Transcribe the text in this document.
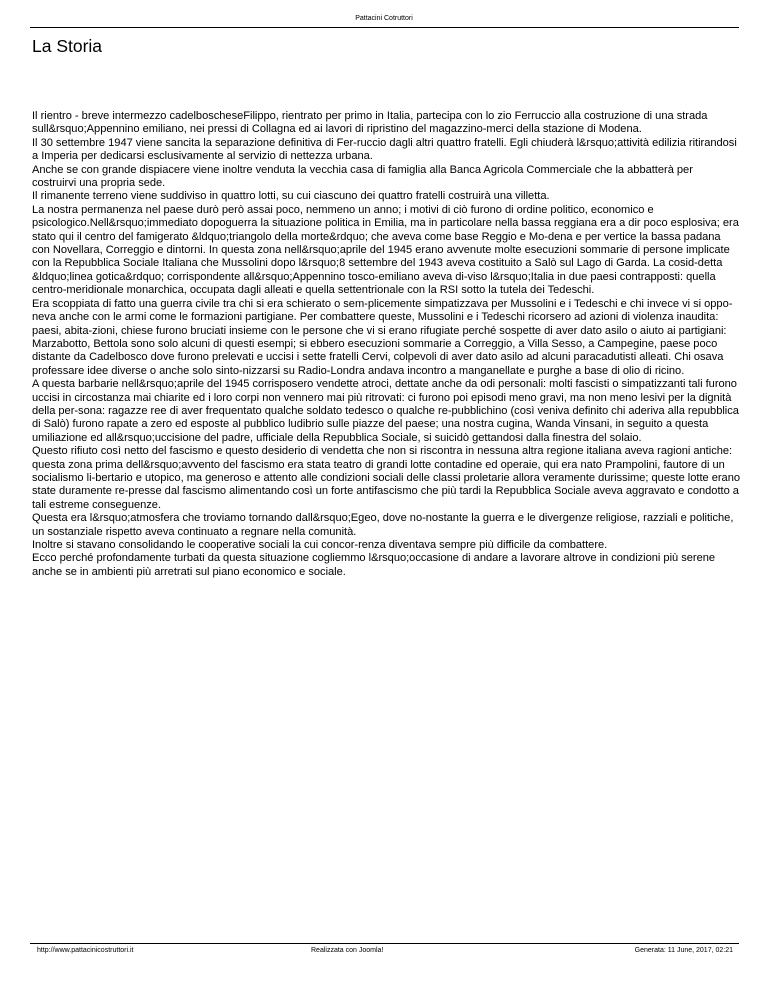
Pattacini Cotruttori
La Storia

Il rientro - breve intermezzo cadelboscheseFilippo, rientrato per primo in Italia, partecipa con lo zio Ferruccio alla costruzione di una strada sull&rsquo;Appennino emiliano, nei pressi di Collagna ed ai lavori di ripristino del magazzino-merci della stazione di Modena.

Il 30 settembre 1947 viene sancita la separazione definitiva di Fer-ruccio dagli altri quattro fratelli. Egli chiuderà l&rsquo;attività edilizia ritirandosi a Imperia per dedicarsi esclusivamente al servizio di nettezza urbana.

Anche se con grande dispiacere viene inoltre venduta la vecchia casa di famiglia alla Banca Agricola Commerciale che la abbatterà per costruirvi una propria sede.

Il rimanente terreno viene suddiviso in quattro lotti, su cui ciascuno dei quattro fratelli costruirà una villetta.

La nostra permanenza nel paese durò però assai poco, nemmeno un anno; i motivi di ciò furono di ordine politico, economico e psicologico.Nell&rsquo;immediato dopoguerra la situazione politica in Emilia, ma in particolare nella bassa reggiana era a dir poco esplosiva; era stato qui il centro del famigerato &ldquo;triangolo della morte&rdquo; che aveva come base Reggio e Mo-dena e per vertice la bassa padana con Novellara, Correggio e dintorni. In questa zona nell&rsquo;aprile del 1945 erano avvenute molte esecuzioni sommarie di persone implicate con la Repubblica Sociale Italiana che Mussolini dopo l&rsquo;8 settembre del 1943 aveva costituito a Salò sul Lago di Garda. La cosid-detta &ldquo;linea gotica&rdquo; corrispondente all&rsquo;Appennino tosco-emiliano aveva di-viso l&rsquo;Italia in due paesi contrapposti: quella centro-meridionale monarchica, occupata dagli alleati e quella settentrionale con la RSI sotto la tutela dei Tedeschi.

Era scoppiata di fatto una guerra civile tra chi si era schierato o sem-plicemente simpatizzava per Mussolini e i Tedeschi e chi invece vi si oppo-neva anche con le armi come le formazioni partigiane. Per combattere queste, Mussolini e i Tedeschi ricorsero ad azioni di violenza inaudita: paesi, abita-zioni, chiese furono bruciati insieme con le persone che vi si erano rifugiate perché sospette di aver dato asilo o aiuto ai partigiani: Marzabotto, Bettola sono solo alcuni di questi esempi; si ebbero esecuzioni sommarie a Correggio, a Villa Sesso, a Campegine, paese poco distante da Cadelbosco dove furono prelevati e uccisi i sette fratelli Cervi, colpevoli di aver dato asilo ad alcuni paracadutisti alleati. Chi osava professare idee diverse o anche solo sinto-nizzarsi su Radio-Londra andava incontro a manganellate e purghe a base di olio di ricino.

A questa barbarie nell&rsquo;aprile del 1945 corrisposero vendette atroci, dettate anche da odi personali: molti fascisti o simpatizzanti tali furono uccisi in circostanza mai chiarite ed i loro corpi non vennero mai più ritrovati: ci furono poi episodi meno gravi, ma non meno lesivi per la dignità della per-sona: ragazze ree di aver frequentato qualche soldato tedesco o qualche re-pubblichino (così veniva definito chi aderiva alla repubblica di Salò) furono rapate a zero ed esposte al pubblico ludibrio sulle piazze del paese; una nostra cugina, Wanda Vinsani, in seguito a questa umiliazione ed all&rsquo;uccisione del padre, ufficiale della Repubblica Sociale, si suicidò gettandosi dalla finestra del solaio.

Questo rifiuto così netto del fascismo e questo desiderio di vendetta che non si riscontra in nessuna altra regione italiana aveva ragioni antiche: questa zona prima dell&rsquo;avvento del fascismo era stata teatro di grandi lotte contadine ed operaie, qui era nato Prampolini, fautore di un socialismo li-bertario e utopico, ma generoso e attento alle condizioni sociali delle classi proletarie allora veramente durissime; queste lotte erano state duramente re-presse dal fascismo alimentando così un forte antifascismo che più tardi la Repubblica Sociale aveva aggravato e condotto a tali estreme conseguenze.

Questa era l&rsquo;atmosfera che troviamo tornando dall&rsquo;Egeo, dove no-nostante la guerra e le divergenze religiose, razziali e politiche, un sostanziale rispetto aveva continuato a regnare nella comunità.

Inoltre si stavano consolidando le cooperative sociali la cui concor-renza diventava sempre più difficile da combattere.

Ecco perché profondamente turbati da questa situazione cogliemmo l&rsquo;occasione di andare a lavorare altrove in condizioni più serene anche se in ambienti più arretrati sul piano economico e sociale.

http://www.pattacinicostruttori.it	Realizzata con Joomla!	Generata: 11 June, 2017, 02:21
